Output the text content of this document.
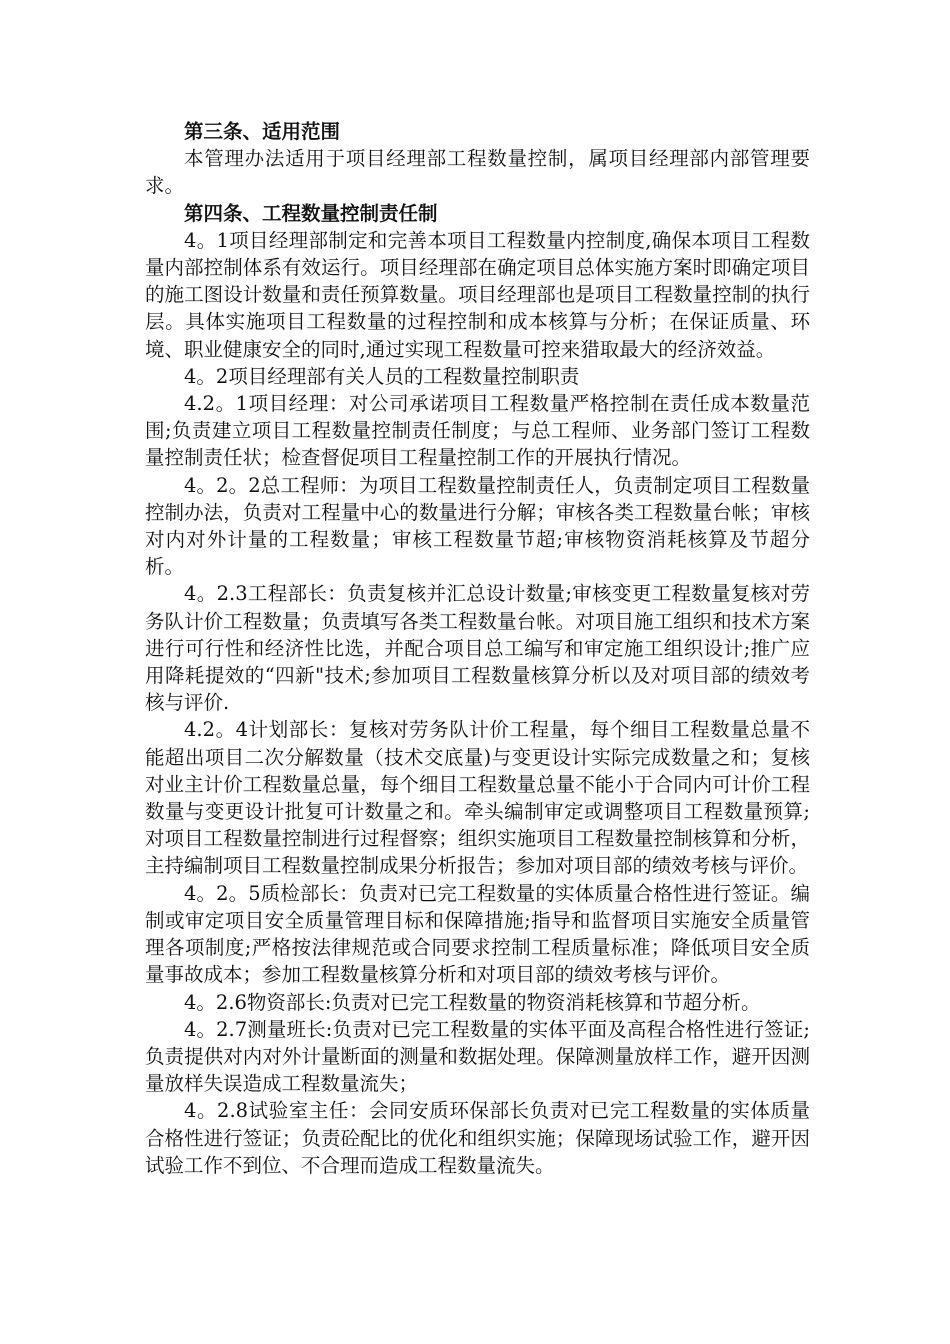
第三条、适用范围

本管理办法适用于项目经理部工程数量控制，属项目经理部内部管理要求。

第四条、工程数量控制责任制

4。1项目经理部制定和完善本项目工程数量内控制度,确保本项目工程数量内部控制体系有效运行。项目经理部在确定项目总体实施方案时即确定项目的施工图设计数量和责任预算数量。项目经理部也是项目工程数量控制的执行层。具体实施项目工程数量的过程控制和成本核算与分析；在保证质量、环境、职业健康安全的同时,通过实现工程数量可控来猎取最大的经济效益。

4。2项目经理部有关人员的工程数量控制职责

4.2。1项目经理：对公司承诺项目工程数量严格控制在责任成本数量范围;负责建立项目工程数量控制责任制度；与总工程师、业务部门签订工程数量控制责任状；检查督促项目工程量控制工作的开展执行情况。

4。2。2总工程师：为项目工程数量控制责任人，负责制定项目工程数量控制办法，负责对工程量中心的数量进行分解；审核各类工程数量台帐；审核对内对外计量的工程数量；审核工程数量节超;审核物资消耗核算及节超分析。

4。2.3工程部长：负责复核并汇总设计数量;审核变更工程数量复核对劳务队计价工程数量；负责填写各类工程数量台帐。对项目施工组织和技术方案进行可行性和经济性比选，并配合项目总工编写和审定施工组织设计;推广应用降耗提效的“四新"技术;参加项目工程数量核算分析以及对项目部的绩效考核与评价.

4.2。4计划部长：复核对劳务队计价工程量，每个细目工程数量总量不能超出项目二次分解数量（技术交底量)与变更设计实际完成数量之和；复核对业主计价工程数量总量，每个细目工程数量总量不能小于合同内可计价工程数量与变更设计批复可计数量之和。牵头编制审定或调整项目工程数量预算;对项目工程数量控制进行过程督察；组织实施项目工程数量控制核算和分析，主持编制项目工程数量控制成果分析报告；参加对项目部的绩效考核与评价。

4。2。5质检部长：负责对已完工程数量的实体质量合格性进行签证。编制或审定项目安全质量管理目标和保障措施;指导和监督项目实施安全质量管理各项制度;严格按法律规范或合同要求控制工程质量标准；降低项目安全质量事故成本；参加工程数量核算分析和对项目部的绩效考核与评价。

4。2.6物资部长:负责对已完工程数量的物资消耗核算和节超分析。

4。2.7测量班长:负责对已完工程数量的实体平面及高程合格性进行签证;负责提供对内对外计量断面的测量和数据处理。保障测量放样工作，避开因测量放样失误造成工程数量流失；

4。2.8试验室主任：会同安质环保部长负责对已完工程数量的实体质量合格性进行签证；负责砼配比的优化和组织实施；保障现场试验工作，避开因试验工作不到位、不合理而造成工程数量流失。
